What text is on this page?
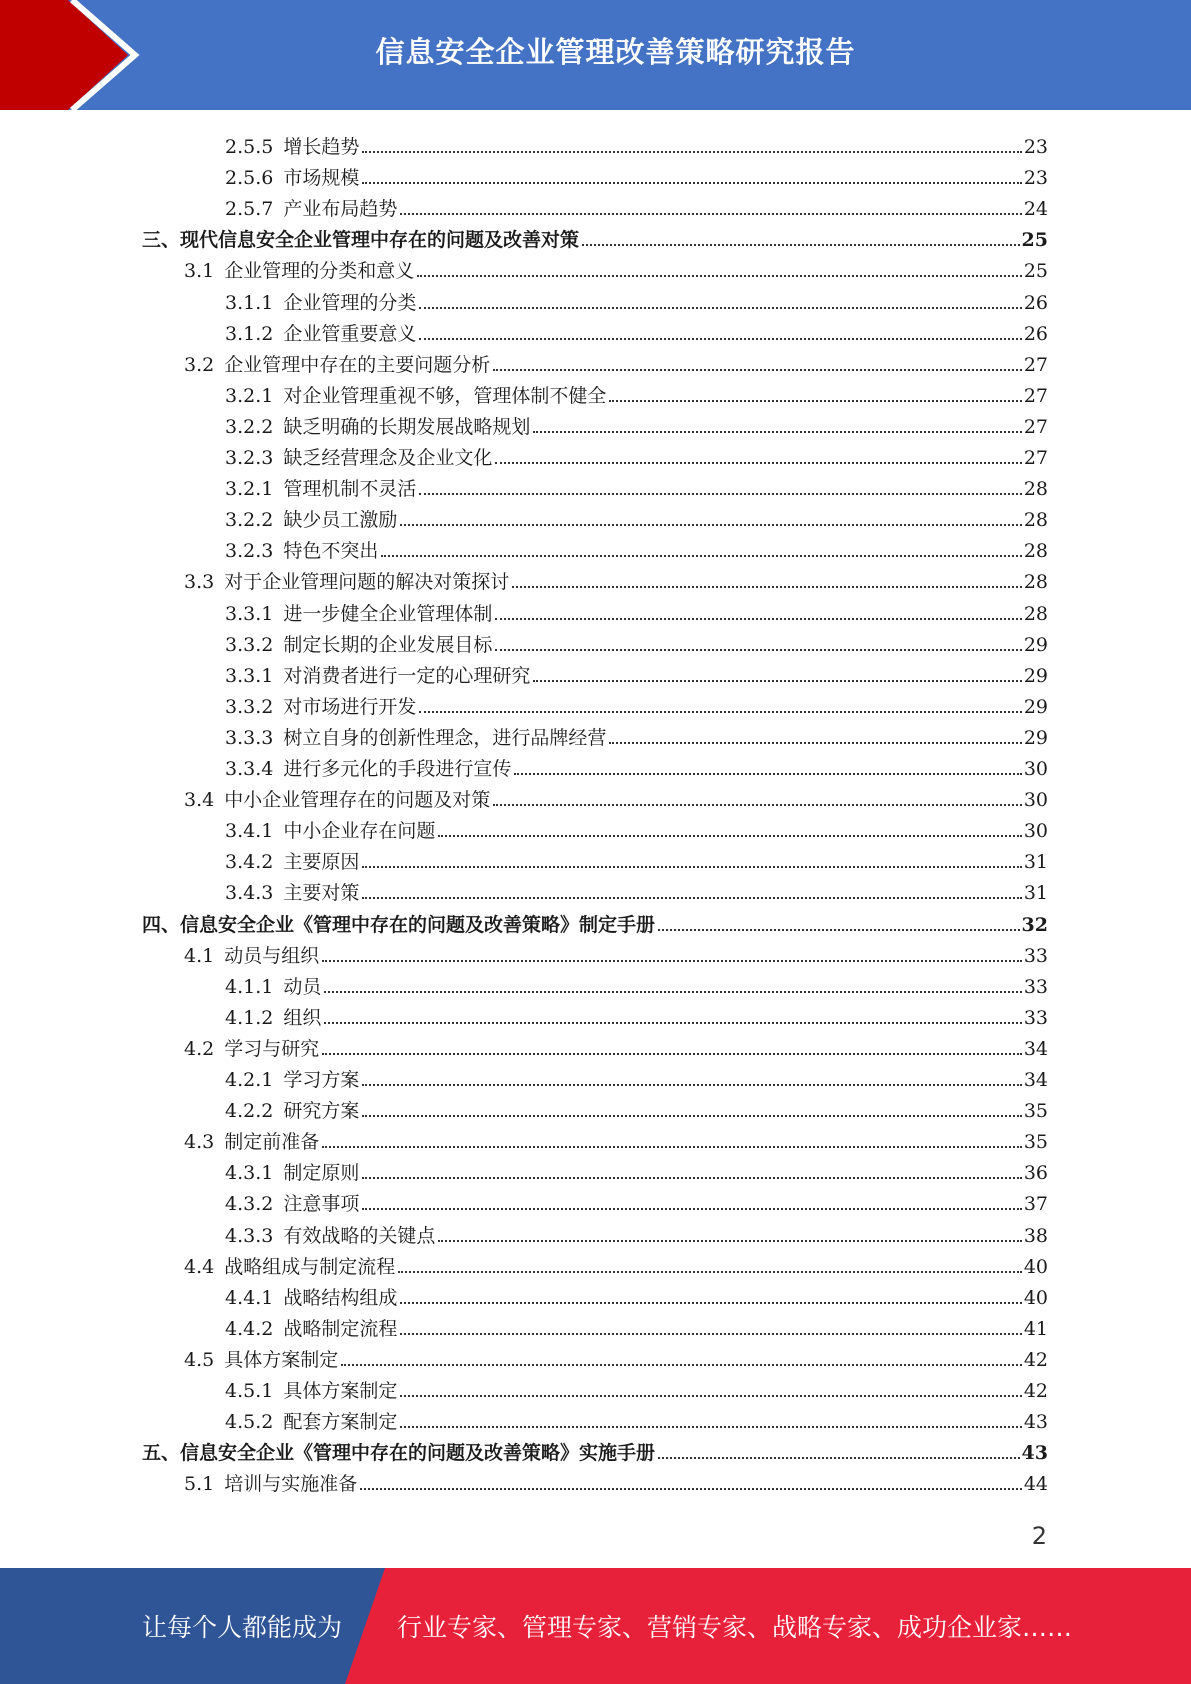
信息安全企业管理改善策略研究报告
2.5.5 增长趋势	23
2.5.6 市场规模	23
2.5.7 产业布局趋势	24
三、现代信息安全企业管理中存在的问题及改善对策	25
3.1 企业管理的分类和意义	25
3.1.1 企业管理的分类	26
3.1.2 企业管重要意义	26
3.2 企业管理中存在的主要问题分析	27
3.2.1 对企业管理重视不够，管理体制不健全	27
3.2.2 缺乏明确的长期发展战略规划	27
3.2.3 缺乏经营理念及企业文化	27
3.2.1 管理机制不灵活	28
3.2.2 缺少员工激励	28
3.2.3 特色不突出	28
3.3 对于企业管理问题的解决对策探讨	28
3.3.1 进一步健全企业管理体制	28
3.3.2 制定长期的企业发展目标	29
3.3.1 对消费者进行一定的心理研究	29
3.3.2 对市场进行开发	29
3.3.3 树立自身的创新性理念，进行品牌经营	29
3.3.4 进行多元化的手段进行宣传	30
3.4 中小企业管理存在的问题及对策	30
3.4.1 中小企业存在问题	30
3.4.2 主要原因	31
3.4.3 主要对策	31
四、信息安全企业《管理中存在的问题及改善策略》制定手册	32
4.1 动员与组织	33
4.1.1 动员	33
4.1.2 组织	33
4.2 学习与研究	34
4.2.1 学习方案	34
4.2.2 研究方案	35
4.3 制定前准备	35
4.3.1 制定原则	36
4.3.2 注意事项	37
4.3.3 有效战略的关键点	38
4.4 战略组成与制定流程	40
4.4.1 战略结构组成	40
4.4.2 战略制定流程	41
4.5 具体方案制定	42
4.5.1 具体方案制定	42
4.5.2 配套方案制定	43
五、信息安全企业《管理中存在的问题及改善策略》实施手册	43
5.1 培训与实施准备	44
2
让每个人都能成为 行业专家、管理专家、营销专家、战略专家、成功企业家……
